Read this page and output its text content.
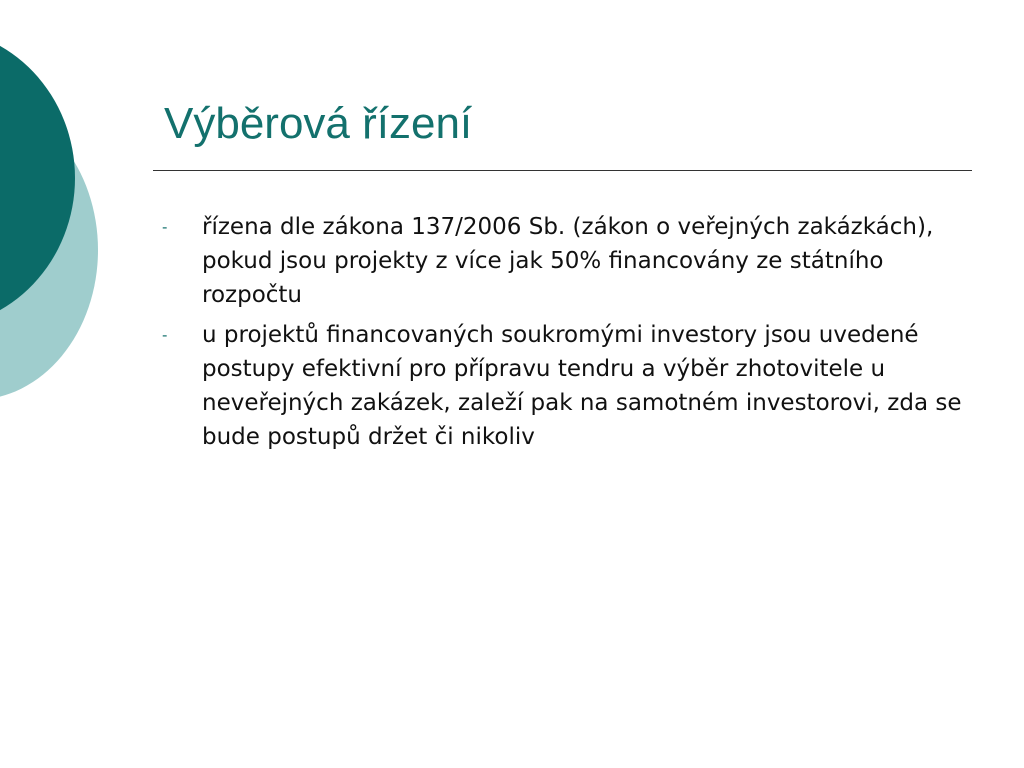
Výběrová řízení
-	řízena dle zákona 137/2006 Sb. (zákon o veřejných zakázkách), pokud jsou projekty z více jak 50% financovány ze státního rozpočtu
-	u projektů financovaných soukromými investory jsou uvedené postupy efektivní pro přípravu tendru a výběr zhotovitele u neveřejných zakázek, zaleží pak na samotném investorovi, zda se bude postupů držet či nikoliv
